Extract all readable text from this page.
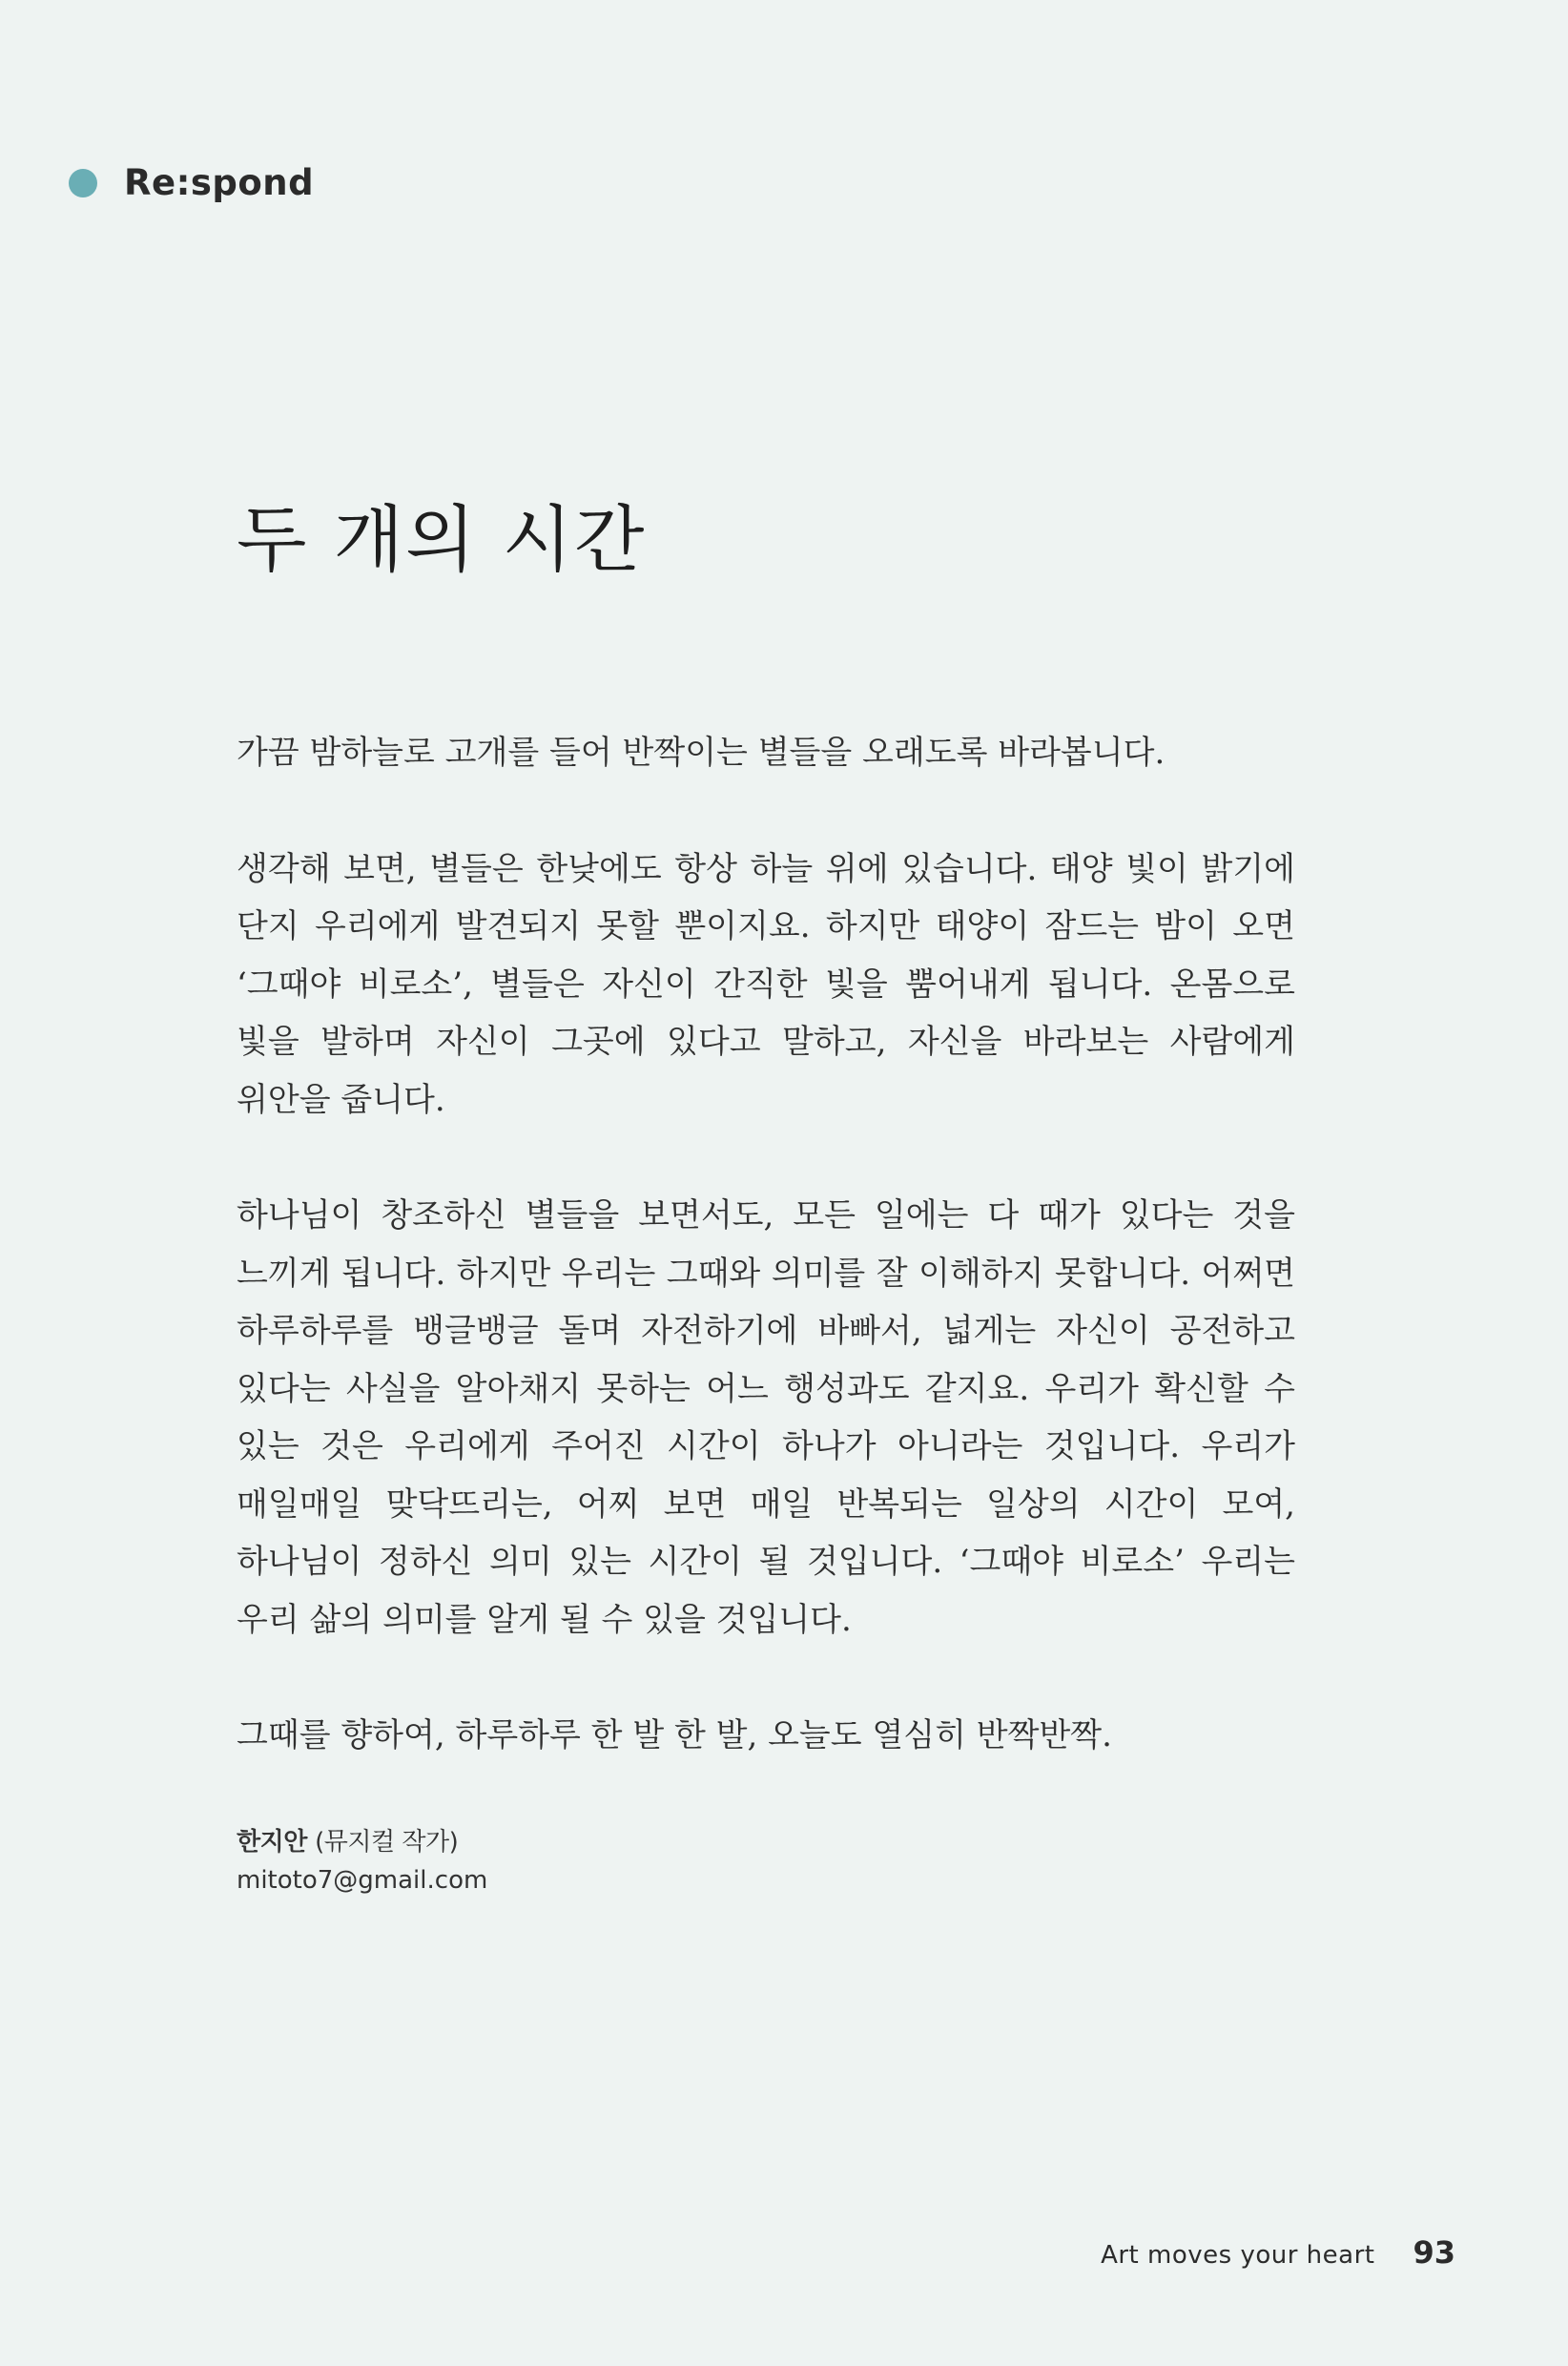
Re:spond
두 개의 시간

가끔 밤하늘로 고개를 들어 반짝이는 별들을 오래도록 바라봅니다.

생각해 보면, 별들은 한낮에도 항상 하늘 위에 있습니다. 태양 빛이 밝기에 단지 우리에게 발견되지 못할 뿐이지요. 하지만 태양이 잠드는 밤이 오면 ‘그때야 비로소’, 별들은 자신이 간직한 빛을 뿜어내게 됩니다. 온몸으로 빛을 발하며 자신이 그곳에 있다고 말하고, 자신을 바라보는 사람에게 위안을 줍니다.

하나님이 창조하신 별들을 보면서도, 모든 일에는 다 때가 있다는 것을 느끼게 됩니다. 하지만 우리는 그때와 의미를 잘 이해하지 못합니다. 어쩌면 하루하루를 뱅글뱅글 돌며 자전하기에 바빠서, 넓게는 자신이 공전하고 있다는 사실을 알아채지 못하는 어느 행성과도 같지요. 우리가 확신할 수 있는 것은 우리에게 주어진 시간이 하나가 아니라는 것입니다. 우리가 매일매일 맞닥뜨리는, 어찌 보면 매일 반복되는 일상의 시간이 모여, 하나님이 정하신 의미 있는 시간이 될 것입니다. ‘그때야 비로소’ 우리는 우리 삶의 의미를 알게 될 수 있을 것입니다.

그때를 향하여, 하루하루 한 발 한 발, 오늘도 열심히 반짝반짝.

한지안 (뮤지컬 작가)
mitoto7@gmail.com
Art moves your heart 93
